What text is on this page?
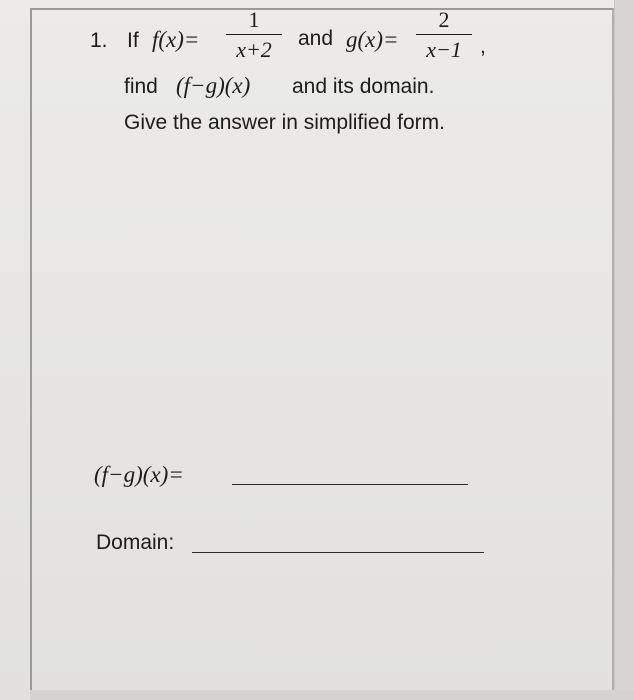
1. If f(x)=
1
x+2	and g(x)=
2
x−1 ,
find (f−g)(x) and its domain.
Give the answer in simplified form.
(f−g)(x)=
Domain:
